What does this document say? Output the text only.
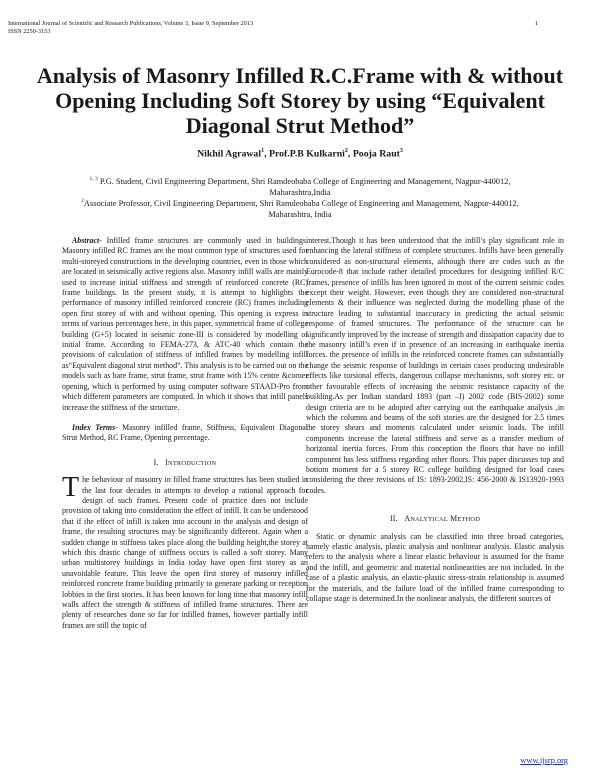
International Journal of Scientific and Research Publications, Volume 3, Issue 9, September 2013
ISSN 2250-3153
1
Analysis of Masonry Infilled R.C.Frame with & without
Opening Including Soft Storey by using “Equivalent
Diagonal Strut Method”
Nikhil Agrawal$^1$, Prof.P.B Kulkarni$^2$, Pooja Raut$^3$
$^{1, 3}$ P.G. Student, Civil Engineering Department, Shri Ramdeobaba College of Engineering and Management, Nagpur-440012, Maharashtra,India
$^2$Associate Professor, Civil Engineering Department, Shri Ramdeobaba College of Engineering and Management, Nagpur-440012, Maharashtra, India

Abstract- Infilled frame structures are commonly used in buildings. Masonry infilled RC frames are the most common type of structures used for multi-storeyed constructions in the developing countries, even in those which are located in seismically active regions also. Masonry infill walls are mainly used to increase initial stiffness and strength of reinforced concrete (RC) frame buildings. In the present study, it is attempt to highlights the performance of masonry infilled reinforced concrete (RC) frames including open first storey of with and without opening. This opening is express in terms of various percentages here, in this paper, symmetrical frame of college building (G+5) located in seismic zone-III is considered by modelling of initial frame. According to FEMA-273, & ATC-40 which contain the provisions of calculation of stiffness of infilled frames by modelling infill as“Equivalent diagonal strut method”. This analysis is to be carried out on the models such as bare frame, strut frame, strut frame with 15% centre &corner opening, which is performed by using computer software STAAD-Pro from which different parameters are computed. In which it shows that infill panels increase the stiffness of the structure.

Index Terms- Masonry infilled frame, Stiffness, Equivalent Diagonal Strut Method, RC Frame, Opening percentage.

I. INTRODUCTION

The behaviour of masonry in filled frame structures has been studied in the last four decades in attempts to develop a rational approach for design of such frames. Present code of practice does not include provision of taking into consideration the effect of infill. It can be understood that if the effect of infill is taken into account in the analysis and design of frame, the resulting structures may be significantly different. Again when a sudden change in stiffness takes place along the building height,the storey at which this drastic change of stiffness occurs is called a soft storey. Many urban multistorey buildings in India today have open first storey as an unavoidable feature. This leave the open first storey of masonry infilled reinforced concrete frame building primarily to generate parking or reception lobbies in the first stories. It has been known for long time that masonry infill walls affect the strength & stiffness of infilled frame structures. There are plenty of researches done so far for infilled frames, however partially infill frames are still the topic of

interest.Though it has been understood that the infill’s play significant role in enhancing the lateral stiffness of complete structures. Infills have been generally considered as non-structural elements, although there are codes such as the Eurocode-8 that include rather detailed procedures for designing infilled R/C frames, presence of infills has been ignored in most of the current seismic codes except their weight. However, even though they are considered non-structural elements & their influence was neglected during the modelling phase of the structure leading to substantial inaccuracy in predicting the actual seismic response of framed structures. The performance of the structure can be significantly improved by the increase of strength and dissipation capacity due to the masonry infill’s even if in presence of an increasing in earthquake inertia forces. the presence of infills in the reinforced concrete frames can substantially change the seismic response of buildings in certain cases producing undesirable effects like torsional effects, dangerous collapse mechanisms, soft storey etc. or other favourable effects of increasing the seismic resistance capacity of the building.As per Indian standard 1893 (part –I) 2002 code (BIS-2002) some design criteria are to be adopted after carrying out the earthquake analysis ,in which the columns and beams of the soft stories are the designed for 2.5 times the storey shears and moments calculated under seismic loads. The infill components increase the lateral stiffness and serve as a transfer medium of horizontal inertia forces. From this conception the floors that have no infill component has less stiffness regarding other floors. This paper discusses top and bottom moment for a 5 storey RC college building designed for load cases considering the three revisions of IS: 1893-2002,IS: 456-2000 & IS13920-1993 codes.

II. ANALYTICAL METHOD

Static or dynamic analysis can be classified into three broad categories, namely elastic analysis, plastic analysis and nonlinear analysis. Elastic analysis refers to the analysis where a linear elastic behaviour is assumed for the frame and the infill, and geometric and material nonlinearities are not included. In the case of a plastic analysis, an elastic-plastic stress-strain relationship is assumed for the materials, and the failure load of the infilled frame corresponding to collapse stage is determined.In the nonlinear analysis, the different sources of

www.ijsrp.org
